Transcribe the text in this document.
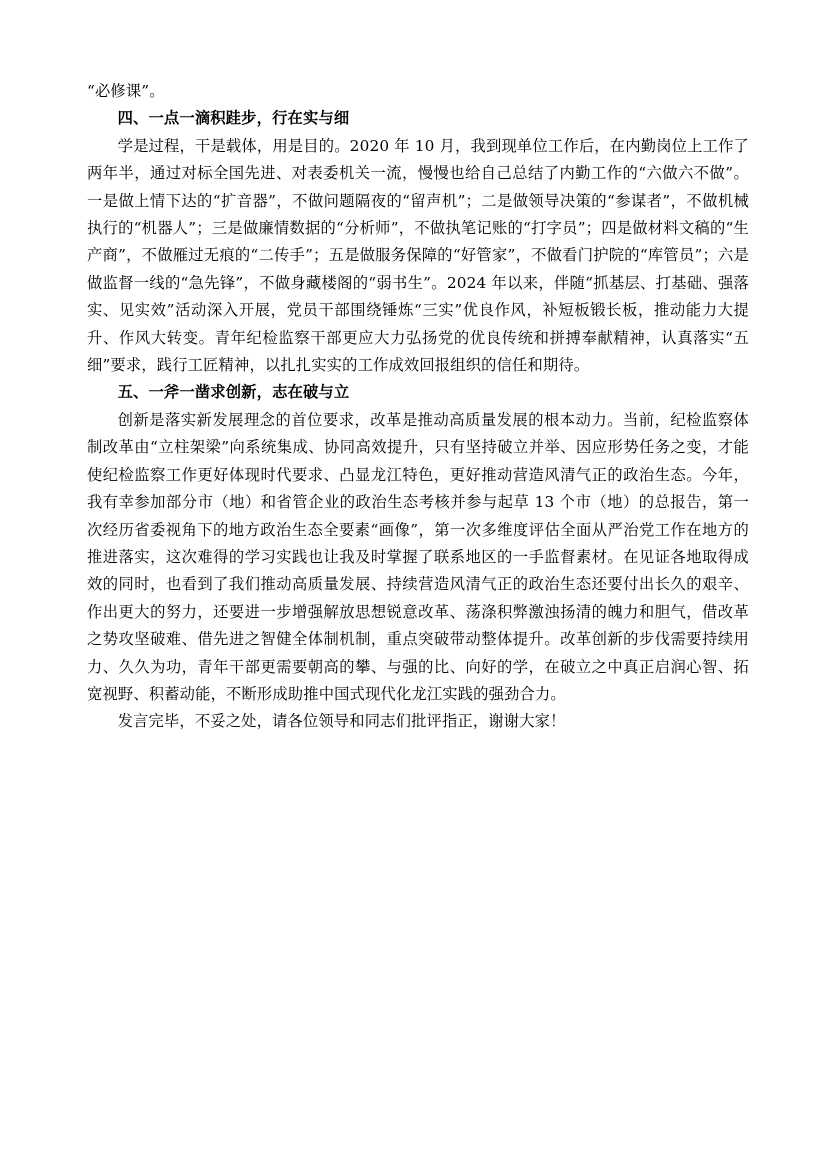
“必修课”。

四、一点一滴积跬步，行在实与细

学是过程，干是载体，用是目的。2020 年 10 月，我到现单位工作后，在内勤岗位上工作了两年半，通过对标全国先进、对表委机关一流，慢慢也给自己总结了内勤工作的“六做六不做”。一是做上情下达的“扩音器”，不做问题隔夜的“留声机”；二是做领导决策的“参谋者”，不做机械执行的“机器人”；三是做廉情数据的“分析师”，不做执笔记账的“打字员”；四是做材料文稿的“生产商”，不做雁过无痕的“二传手”；五是做服务保障的“好管家”，不做看门护院的“库管员”；六是做监督一线的“急先锋”，不做身藏楼阁的“弱书生”。2024 年以来，伴随“抓基层、打基础、强落实、见实效”活动深入开展，党员干部围绕锤炼“三实”优良作风，补短板锻长板，推动能力大提升、作风大转变。青年纪检监察干部更应大力弘扬党的优良传统和拼搏奉献精神，认真落实“五细”要求，践行工匠精神，以扎扎实实的工作成效回报组织的信任和期待。

五、一斧一凿求创新，志在破与立

创新是落实新发展理念的首位要求，改革是推动高质量发展的根本动力。当前，纪检监察体制改革由“立柱架梁”向系统集成、协同高效提升，只有坚持破立并举、因应形势任务之变，才能使纪检监察工作更好体现时代要求、凸显龙江特色，更好推动营造风清气正的政治生态。今年，我有幸参加部分市（地）和省管企业的政治生态考核并参与起草 13 个市（地）的总报告，第一次经历省委视角下的地方政治生态全要素“画像”，第一次多维度评估全面从严治党工作在地方的推进落实，这次难得的学习实践也让我及时掌握了联系地区的一手监督素材。在见证各地取得成效的同时，也看到了我们推动高质量发展、持续营造风清气正的政治生态还要付出长久的艰辛、作出更大的努力，还要进一步增强解放思想锐意改革、荡涤积弊激浊扬清的魄力和胆气，借改革之势攻坚破难、借先进之智健全体制机制，重点突破带动整体提升。改革创新的步伐需要持续用力、久久为功，青年干部更需要朝高的攀、与强的比、向好的学，在破立之中真正启润心智、拓宽视野、积蓄动能，不断形成助推中国式现代化龙江实践的强劲合力。

发言完毕，不妥之处，请各位领导和同志们批评指正，谢谢大家！
